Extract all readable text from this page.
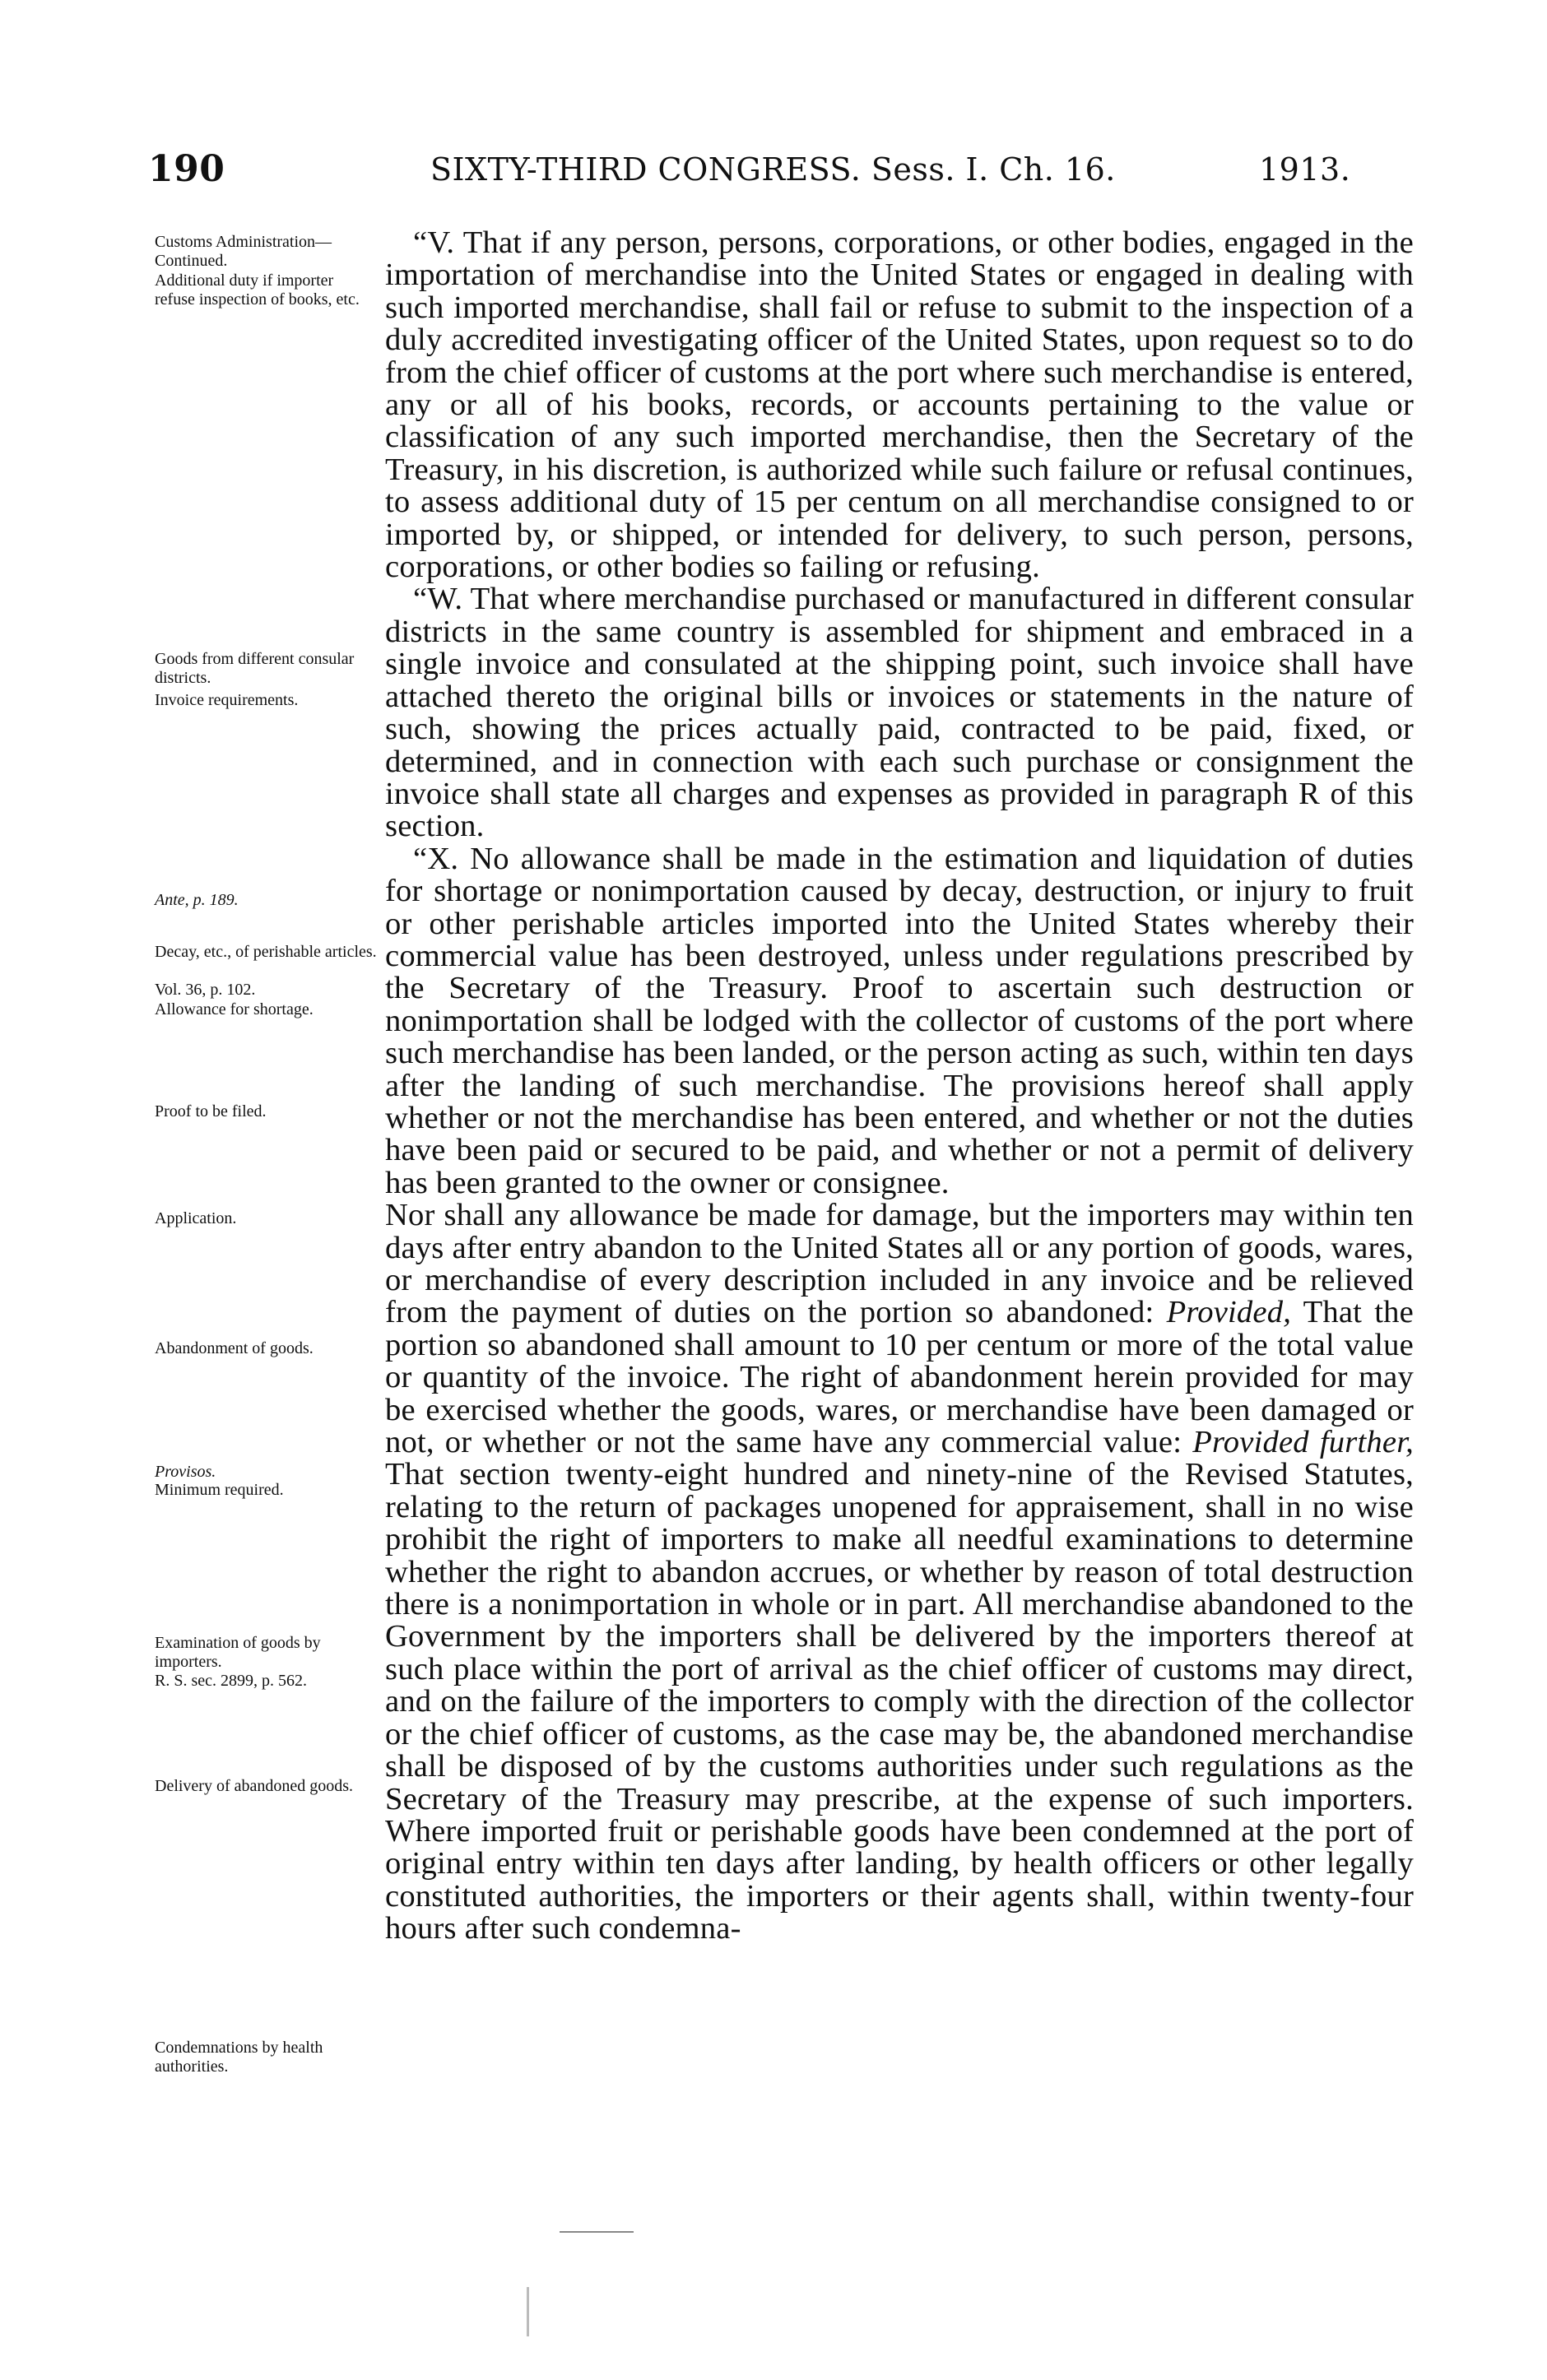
190	SIXTY-THIRD CONGRESS. Sess. I. Ch. 16.	1913.
Customs Administration—Continued.
Additional duty if importer refuse inspection of books, etc.
Goods from different consular districts.
Invoice requirements.
Ante, p. 189.
Decay, etc., of perishable articles.
Vol. 36, p. 102.
Allowance for shortage.
Proof to be filed.
Application.
Abandonment of goods.
Provisos.
Minimum required.
Examination of goods by importers.
R. S. sec. 2899, p. 562.
Delivery of abandoned goods.
Condemnations by health authorities.

“V. That if any person, persons, corporations, or other bodies, engaged in the importation of merchandise into the United States or engaged in dealing with such imported merchandise, shall fail or refuse to submit to the inspection of a duly accredited investigating officer of the United States, upon request so to do from the chief officer of customs at the port where such merchandise is entered, any or all of his books, records, or accounts pertaining to the value or classification of any such imported merchandise, then the Secretary of the Treasury, in his discretion, is authorized while such failure or refusal continues, to assess additional duty of 15 per centum on all merchandise consigned to or imported by, or shipped, or intended for delivery, to such person, persons, corporations, or other bodies so failing or refusing.

“W. That where merchandise purchased or manufactured in different consular districts in the same country is assembled for shipment and embraced in a single invoice and consulated at the shipping point, such invoice shall have attached thereto the original bills or invoices or statements in the nature of such, showing the prices actually paid, contracted to be paid, fixed, or determined, and in connection with each such purchase or consignment the invoice shall state all charges and expenses as provided in paragraph R of this section.

“X. No allowance shall be made in the estimation and liquidation of duties for shortage or nonimportation caused by decay, destruction, or injury to fruit or other perishable articles imported into the United States whereby their commercial value has been destroyed, unless under regulations prescribed by the Secretary of the Treasury. Proof to ascertain such destruction or nonimportation shall be lodged with the collector of customs of the port where such merchandise has been landed, or the person acting as such, within ten days after the landing of such merchandise. The provisions hereof shall apply whether or not the merchandise has been entered, and whether or not the duties have been paid or secured to be paid, and whether or not a permit of delivery has been granted to the owner or consignee.

Nor shall any allowance be made for damage, but the importers may within ten days after entry abandon to the United States all or any portion of goods, wares, or merchandise of every description included in any invoice and be relieved from the payment of duties on the portion so abandoned: Provided, That the portion so abandoned shall amount to 10 per centum or more of the total value or quantity of the invoice. The right of abandonment herein provided for may be exercised whether the goods, wares, or merchandise have been damaged or not, or whether or not the same have any commercial value: Provided further, That section twenty-eight hundred and ninety-nine of the Revised Statutes, relating to the return of packages unopened for appraisement, shall in no wise prohibit the right of importers to make all needful examinations to determine whether the right to abandon accrues, or whether by reason of total destruction there is a nonimportation in whole or in part. All merchandise abandoned to the Government by the importers shall be delivered by the importers thereof at such place within the port of arrival as the chief officer of customs may direct, and on the failure of the importers to comply with the direction of the collector or the chief officer of customs, as the case may be, the abandoned merchandise shall be disposed of by the customs authorities under such regulations as the Secretary of the Treasury may prescribe, at the expense of such importers. Where imported fruit or perishable goods have been condemned at the port of original entry within ten days after landing, by health officers or other legally constituted authorities, the importers or their agents shall, within twenty-four hours after such condemna-
